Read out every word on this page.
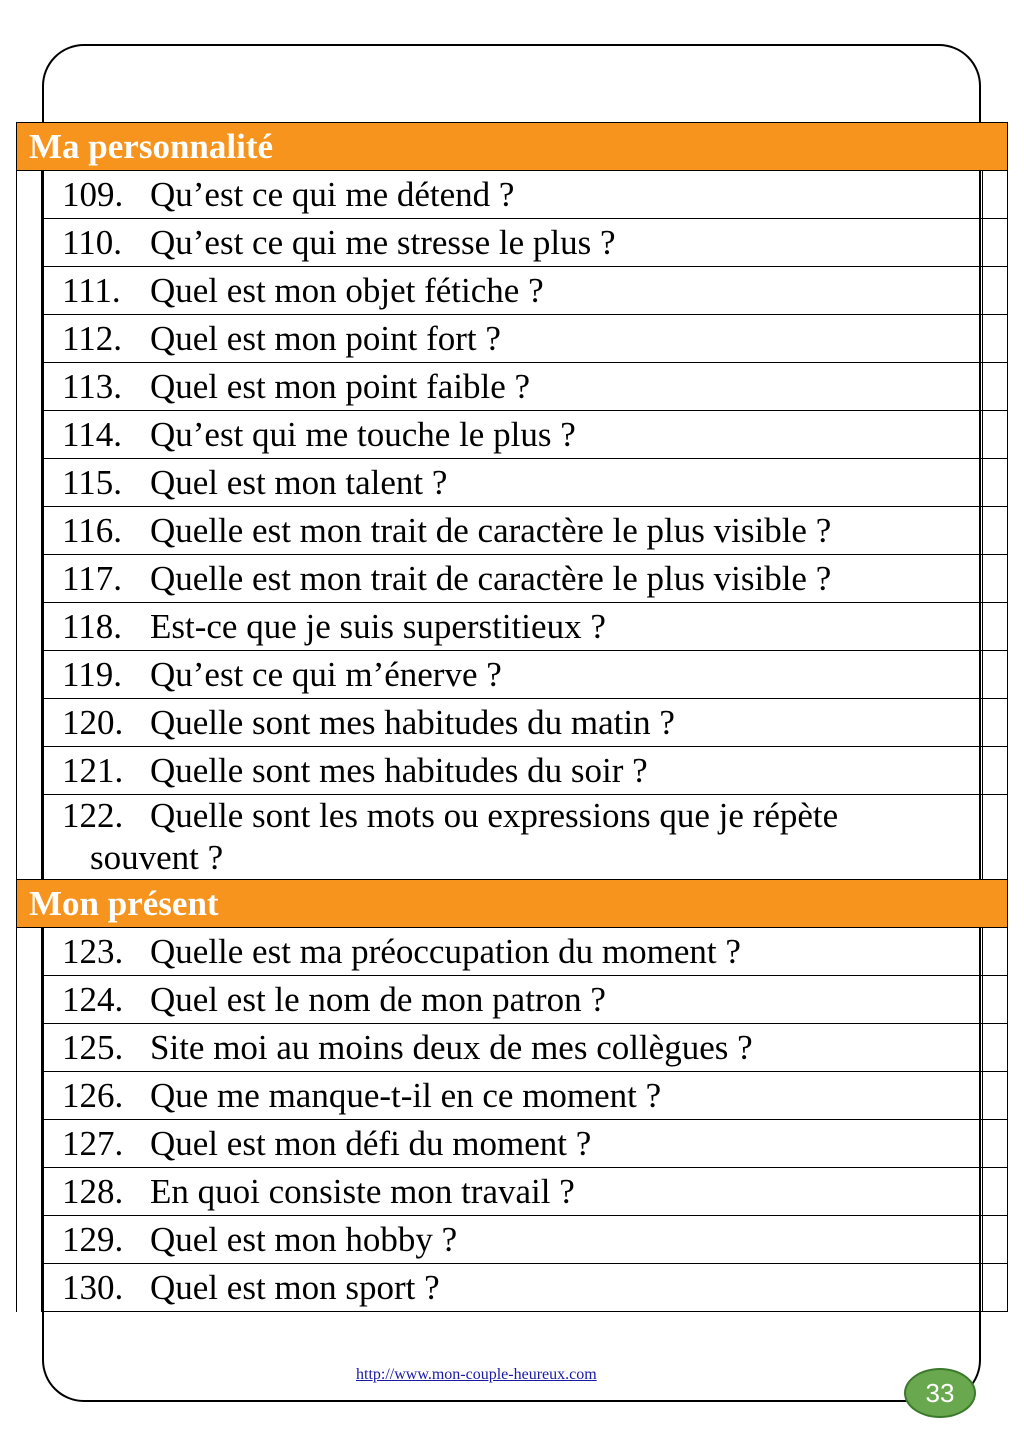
Ma personnalité		
	109. Qu’est ce qui me détend ?	
	110. Qu’est ce qui me stresse le plus ?	
	111. Quel est mon objet fétiche ?	
	112. Quel est mon point fort ?	
	113. Quel est mon point faible ?	
	114. Qu’est qui me touche le plus ?	
	115. Quel est mon talent ?	
	116. Quelle est mon trait de caractère le plus visible ?	
	117. Quelle est mon trait de caractère le plus visible ?	
	118. Est-ce que je suis superstitieux ?	
	119. Qu’est ce qui m’énerve ?	
	120. Quelle sont mes habitudes du matin ?	
	121. Quelle sont mes habitudes du soir ?	
	122. Quelle sont les mots ou expressions que je répète
souvent ?	

Mon présent		
	123. Quelle est ma préoccupation du moment ?	
	124. Quel est le nom de mon patron ?	
	125. Site moi au moins deux de mes collègues ?	
	126. Que me manque-t-il en ce moment ?	
	127. Quel est mon défi du moment ?	
	128. En quoi consiste mon travail ?	
	129. Quel est mon hobby ?	
	130. Quel est mon sport ?	
http://www.mon-couple-heureux.com
33
